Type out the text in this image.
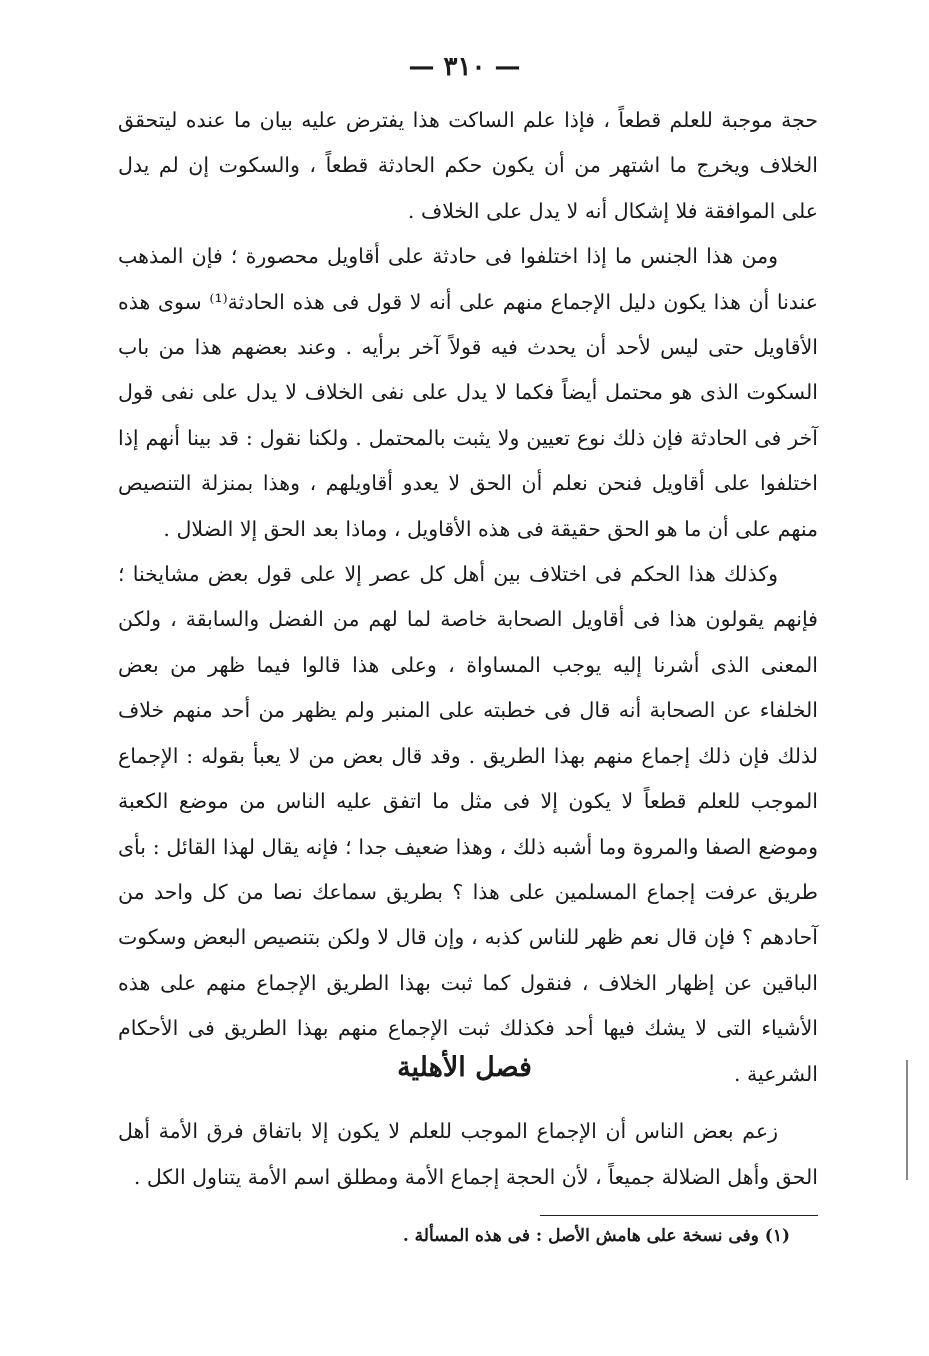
— ٣١٠ —

حجة موجبة للعلم قطعاً ، فإذا علم الساكت هذا يفترض عليه بيان ما عنده ليتحقق الخلاف ويخرج ما اشتهر من أن يكون حكم الحادثة قطعاً ، والسكوت إن لم يدل على الموافقة فلا إشكال أنه لا يدل على الخلاف .

ومن هذا الجنس ما إذا اختلفوا فى حادثة على أقاويل محصورة ؛ فإن المذهب عندنا أن هذا يكون دليل الإجماع منهم على أنه لا قول فى هذه الحادثة⁽¹⁾ سوى هذه الأقاويل حتى ليس لأحد أن يحدث فيه قولاً آخر برأيه . وعند بعضهم هذا من باب السكوت الذى هو محتمل أيضاً فكما لا يدل على نفى الخلاف لا يدل على نفى قول آخر فى الحادثة فإن ذلك نوع تعيين ولا يثبت بالمحتمل . ولكنا نقول : قد بينا أنهم إذا اختلفوا على أقاويل فنحن نعلم أن الحق لا يعدو أقاويلهم ، وهذا بمنزلة التنصيص منهم على أن ما هو الحق حقيقة فى هذه الأقاويل ، وماذا بعد الحق إلا الضلال .

وكذلك هذا الحكم فى اختلاف بين أهل كل عصر إلا على قول بعض مشايخنا ؛ فإنهم يقولون هذا فى أقاويل الصحابة خاصة لما لهم من الفضل والسابقة ، ولكن المعنى الذى أشرنا إليه يوجب المساواة ، وعلى هذا قالوا فيما ظهر من بعض الخلفاء عن الصحابة أنه قال فى خطبته على المنبر ولم يظهر من أحد منهم خلاف لذلك فإن ذلك إجماع منهم بهذا الطريق . وقد قال بعض من لا يعبأ بقوله : الإجماع الموجب للعلم قطعاً لا يكون إلا فى مثل ما اتفق عليه الناس من موضع الكعبة وموضع الصفا والمروة وما أشبه ذلك ، وهذا ضعيف جدا ؛ فإنه يقال لهذا القائل : بأى طريق عرفت إجماع المسلمين على هذا ؟ بطريق سماعك نصا من كل واحد من آحادهم ؟ فإن قال نعم ظهر للناس كذبه ، وإن قال لا ولكن بتنصيص البعض وسكوت الباقين عن إظهار الخلاف ، فنقول كما ثبت بهذا الطريق الإجماع منهم على هذه الأشياء التى لا يشك فيها أحد فكذلك ثبت الإجماع منهم بهذا الطريق فى الأحكام الشرعية .

فصل الأهلية

زعم بعض الناس أن الإجماع الموجب للعلم لا يكون إلا باتفاق فرق الأمة أهل الحق وأهل الضلالة جميعاً ، لأن الحجة إجماع الأمة ومطلق اسم الأمة يتناول الكل .

(١) وفى نسخة على هامش الأصل : فى هذه المسألة .
